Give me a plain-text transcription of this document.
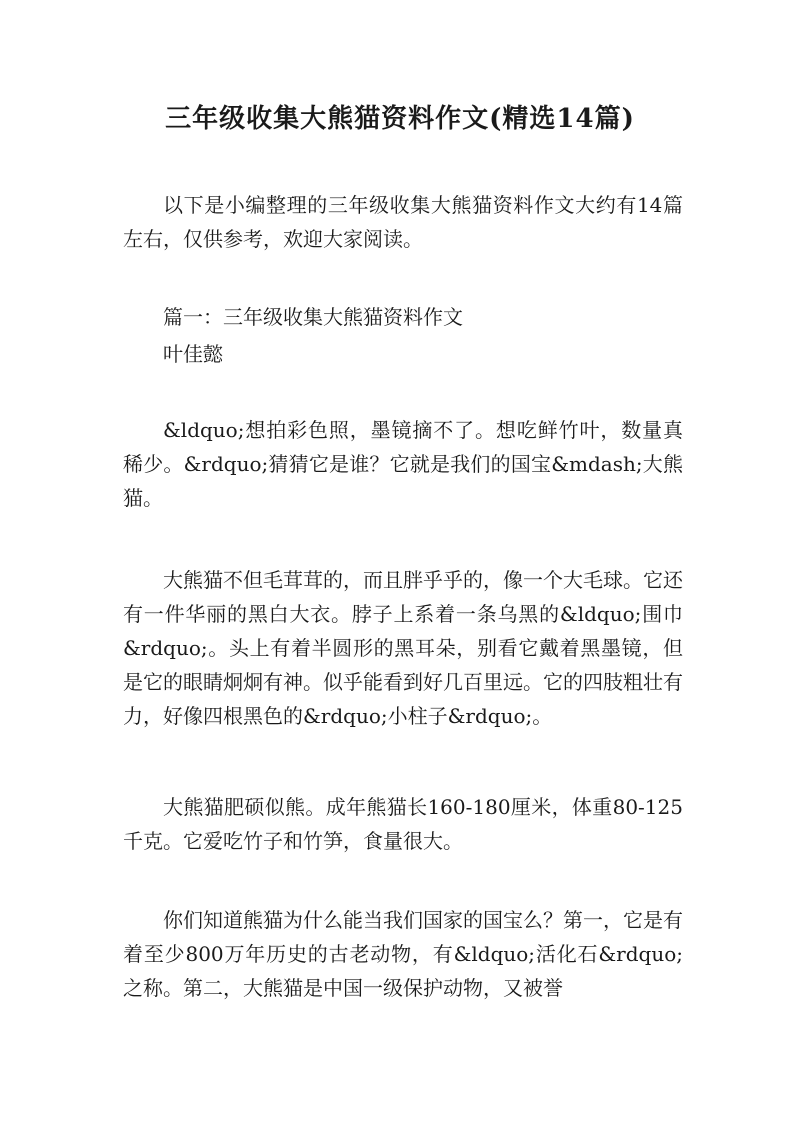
三年级收集大熊猫资料作文(精选14篇)

以下是小编整理的三年级收集大熊猫资料作文大约有14篇左右，仅供参考，欢迎大家阅读。

篇一：三年级收集大熊猫资料作文
叶佳懿

&ldquo;想拍彩色照，墨镜摘不了。想吃鲜竹叶，数量真稀少。&rdquo;猜猜它是谁？它就是我们的国宝&mdash;大熊猫。

大熊猫不但毛茸茸的，而且胖乎乎的，像一个大毛球。它还有一件华丽的黑白大衣。脖子上系着一条乌黑的&ldquo;围巾&rdquo;。头上有着半圆形的黑耳朵，别看它戴着黑墨镜，但是它的眼睛炯炯有神。似乎能看到好几百里远。它的四肢粗壮有力，好像四根黑色的&rdquo;小柱子&rdquo;。

大熊猫肥硕似熊。成年熊猫长160-180厘米，体重80-125千克。它爱吃竹子和竹笋，食量很大。

你们知道熊猫为什么能当我们国家的国宝么？第一，它是有着至少800万年历史的古老动物，有&ldquo;活化石&rdquo;之称。第二，大熊猫是中国一级保护动物，又被誉
